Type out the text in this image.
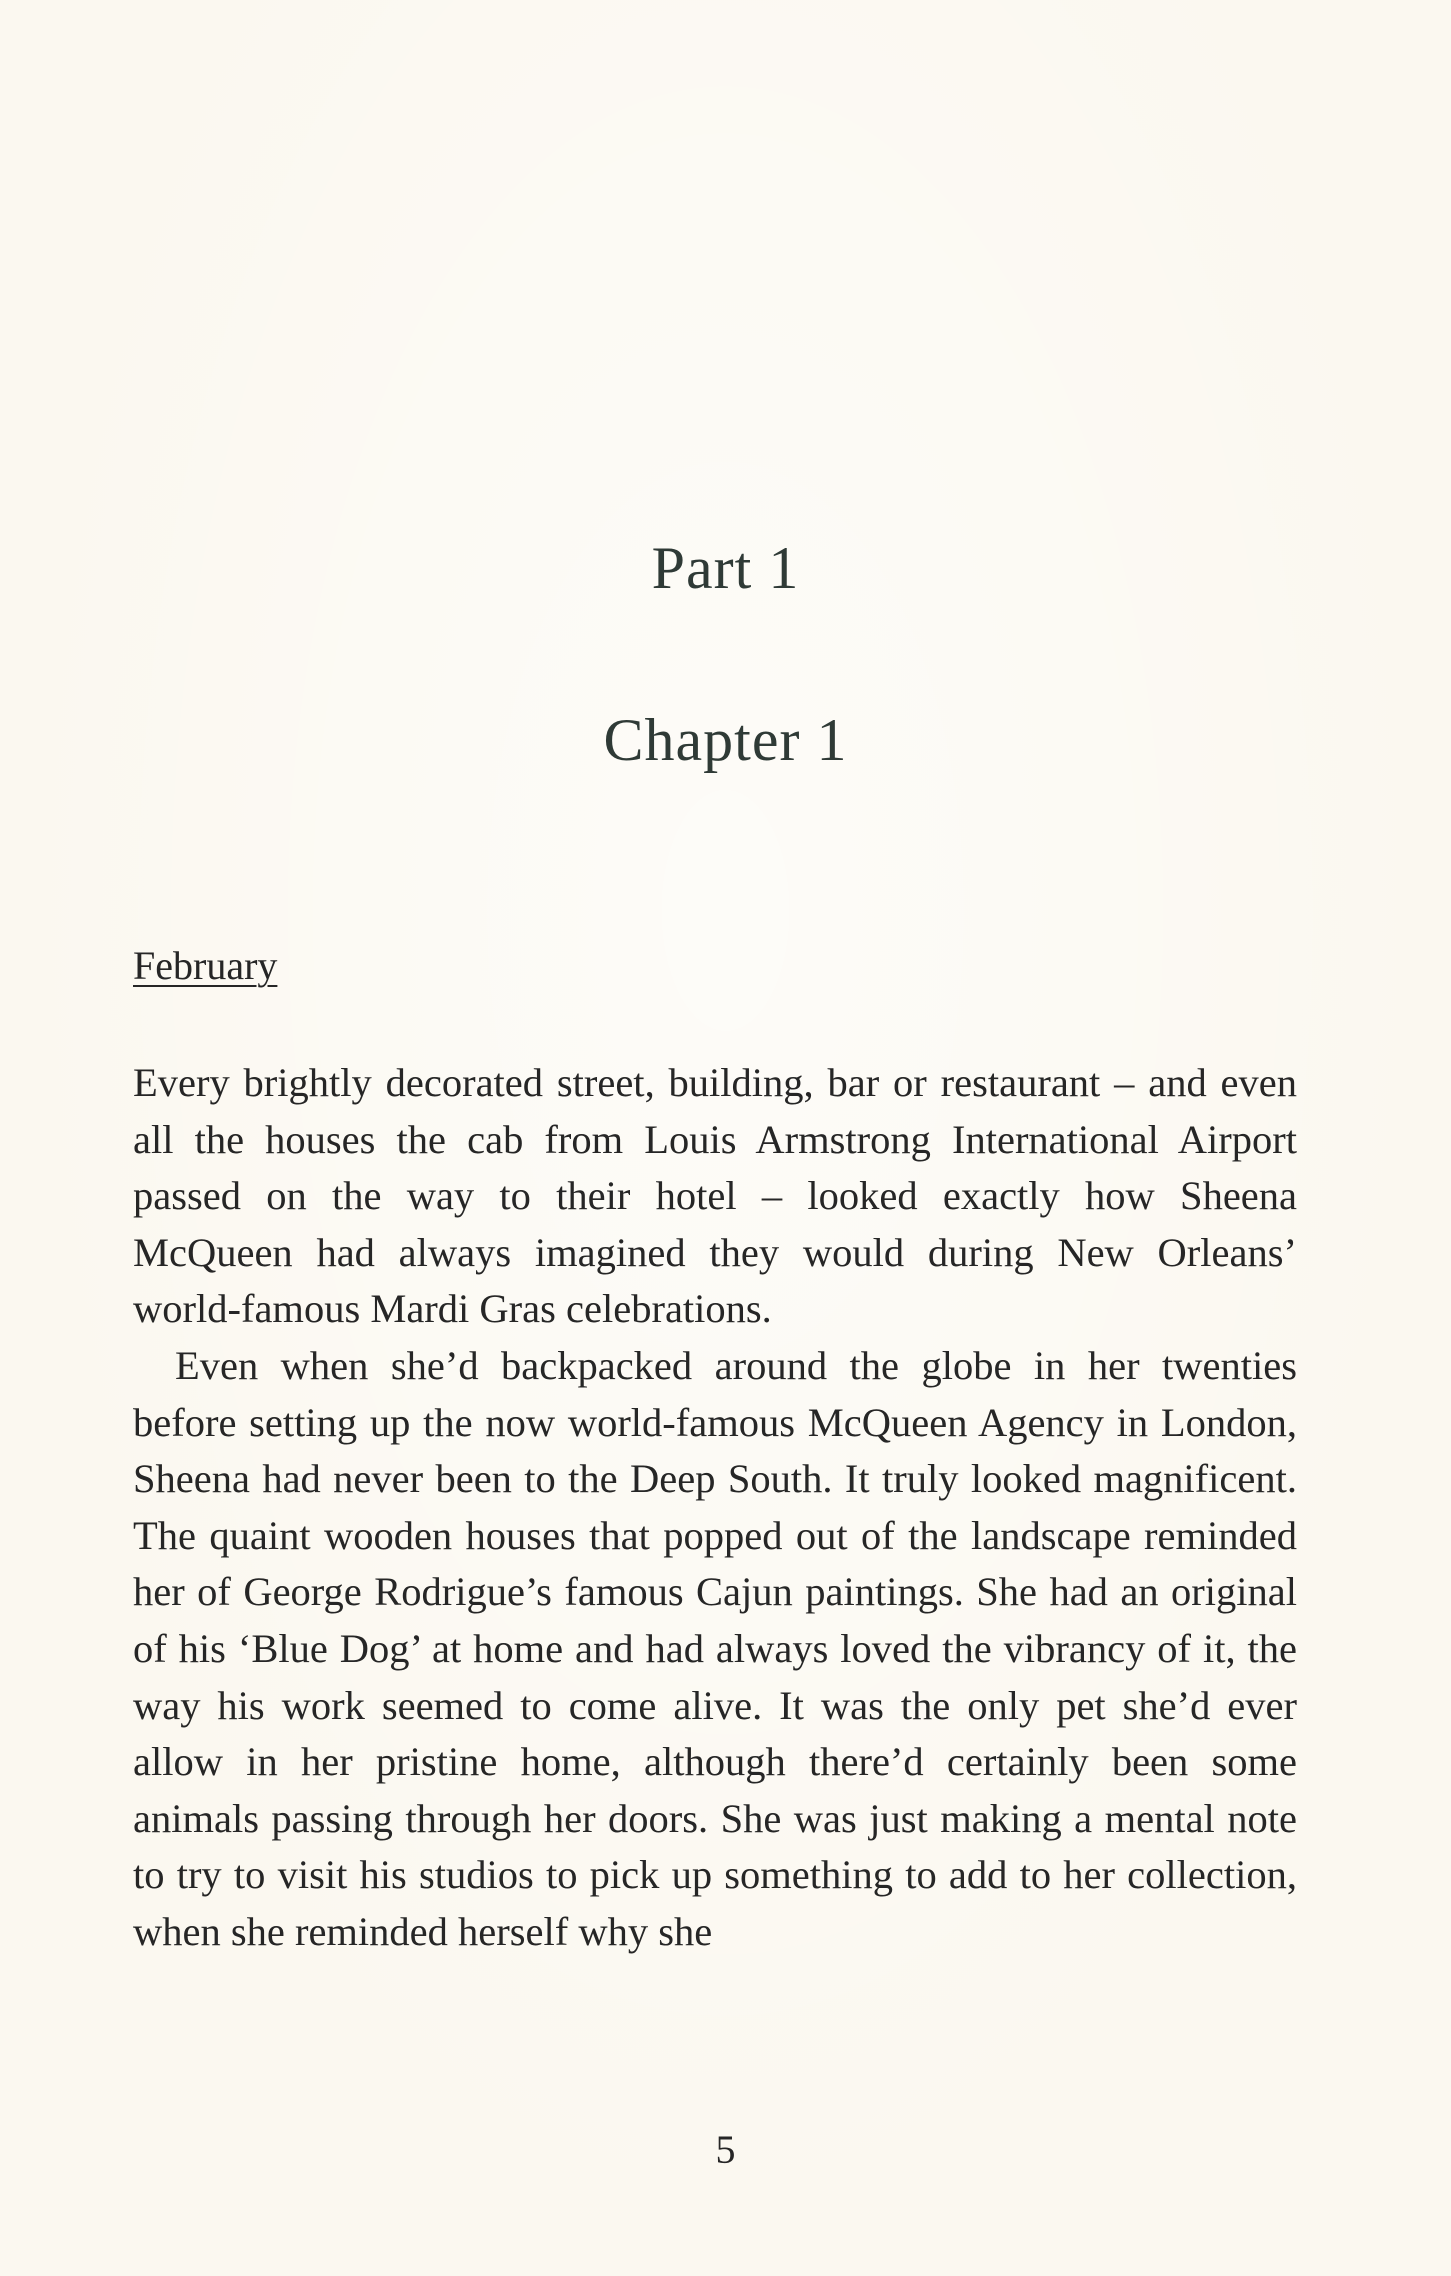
Part 1
Chapter 1
February

Every brightly decorated street, building, bar or restaurant – and even all the houses the cab from Louis Armstrong International Airport passed on the way to their hotel – looked exactly how Sheena McQueen had always imagined they would during New Orleans’ world-famous Mardi Gras celebrations.

Even when she’d backpacked around the globe in her twenties before setting up the now world-famous McQueen Agency in London, Sheena had never been to the Deep South. It truly looked magnificent. The quaint wooden houses that popped out of the landscape reminded her of George Rodrigue’s famous Cajun paintings. She had an original of his ‘Blue Dog’ at home and had always loved the vibrancy of it, the way his work seemed to come alive. It was the only pet she’d ever allow in her pristine home, although there’d certainly been some animals passing through her doors. She was just making a mental note to try to visit his studios to pick up something to add to her collection, when she reminded herself why she

5
